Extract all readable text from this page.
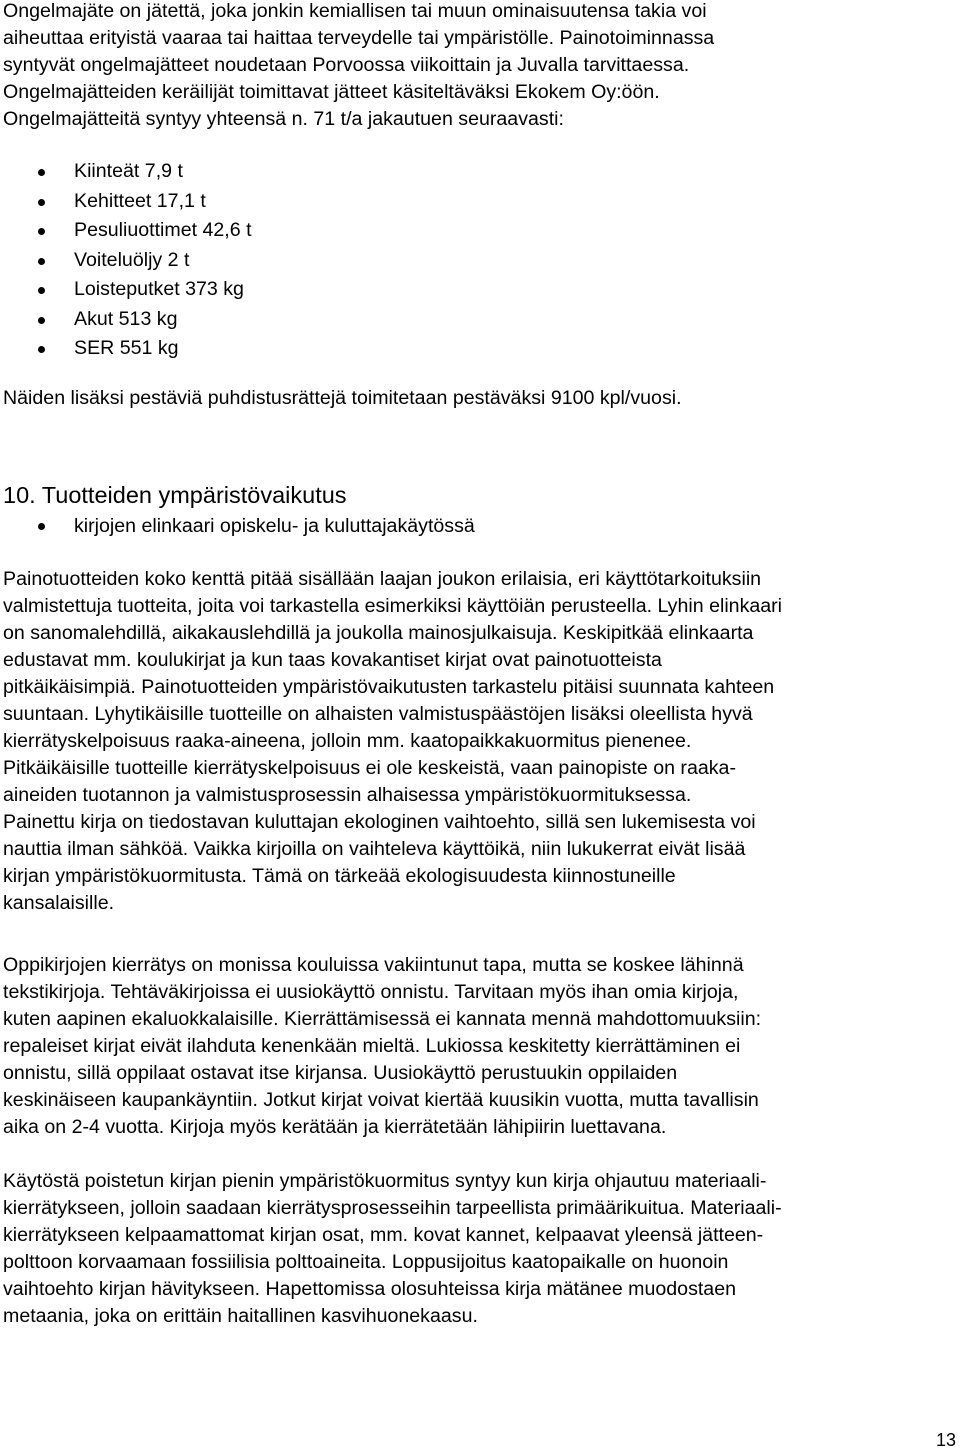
Ongelmajäte on jätettä, joka jonkin kemiallisen tai muun ominaisuutensa takia voi
aiheuttaa erityistä vaaraa tai haittaa terveydelle tai ympäristölle. Painotoiminnassa
syntyvät ongelmajätteet noudetaan Porvoossa viikoittain ja Juvalla tarvittaessa.
Ongelmajätteiden keräilijät toimittavat jätteet käsiteltäväksi Ekokem Oy:öön.
Ongelmajätteitä syntyy yhteensä n. 71 t/a jakautuen seuraavasti:

Kiinteät 7,9 t
Kehitteet 17,1 t
Pesuliuottimet 42,6 t
Voiteluöljy 2 t
Loisteputket 373 kg
Akut 513 kg
SER 551 kg

Näiden lisäksi pestäviä puhdistusrättejä toimitetaan pestäväksi 9100 kpl/vuosi.

10. Tuotteiden ympäristövaikutus
kirjojen elinkaari opiskelu- ja kuluttajakäytössä

Painotuotteiden koko kenttä pitää sisällään laajan joukon erilaisia, eri käyttötarkoituksiin
valmistettuja tuotteita, joita voi tarkastella esimerkiksi käyttöiän perusteella. Lyhin elinkaari
on sanomalehdillä, aikakauslehdillä ja joukolla mainosjulkaisuja. Keskipitkää elinkaarta
edustavat mm. koulukirjat ja kun taas kovakantiset kirjat ovat painotuotteista
pitkäikäisimpiä. Painotuotteiden ympäristövaikutusten tarkastelu pitäisi suunnata kahteen
suuntaan. Lyhytikäisille tuotteille on alhaisten valmistuspäästöjen lisäksi oleellista hyvä
kierrätyskelpoisuus raaka-aineena, jolloin mm. kaatopaikkakuormitus pienenee.
Pitkäikäisille tuotteille kierrätyskelpoisuus ei ole keskeistä, vaan painopiste on raaka-
aineiden tuotannon ja valmistusprosessin alhaisessa ympäristökuormituksessa.
Painettu kirja on tiedostavan kuluttajan ekologinen vaihtoehto, sillä sen lukemisesta voi
nauttia ilman sähköä. Vaikka kirjoilla on vaihteleva käyttöikä, niin lukukerrat eivät lisää
kirjan ympäristökuormitusta. Tämä on tärkeää ekologisuudesta kiinnostuneille
kansalaisille.

Oppikirjojen kierrätys on monissa kouluissa vakiintunut tapa, mutta se koskee lähinnä
tekstikirjoja. Tehtäväkirjoissa ei uusiokäyttö onnistu. Tarvitaan myös ihan omia kirjoja,
kuten aapinen ekaluokkalaisille. Kierrättämisessä ei kannata mennä mahdottomuuksiin:
repaleiset kirjat eivät ilahduta kenenkään mieltä. Lukiossa keskitetty kierrättäminen ei
onnistu, sillä oppilaat ostavat itse kirjansa. Uusiokäyttö perustuukin oppilaiden
keskinäiseen kaupankäyntiin. Jotkut kirjat voivat kiertää kuusikin vuotta, mutta tavallisin
aika on 2-4 vuotta. Kirjoja myös kerätään ja kierrätetään lähipiirin luettavana.

Käytöstä poistetun kirjan pienin ympäristökuormitus syntyy kun kirja ohjautuu materiaali-
kierrätykseen, jolloin saadaan kierrätysprosesseihin tarpeellista primäärikuitua. Materiaali-
kierrätykseen kelpaamattomat kirjan osat, mm. kovat kannet, kelpaavat yleensä jätteen-
polttoon korvaamaan fossiilisia polttoaineita. Loppusijoitus kaatopaikalle on huonoin
vaihtoehto kirjan hävitykseen. Hapettomissa olosuhteissa kirja mätänee muodostaen
metaania, joka on erittäin haitallinen kasvihuonekaasu.

13
